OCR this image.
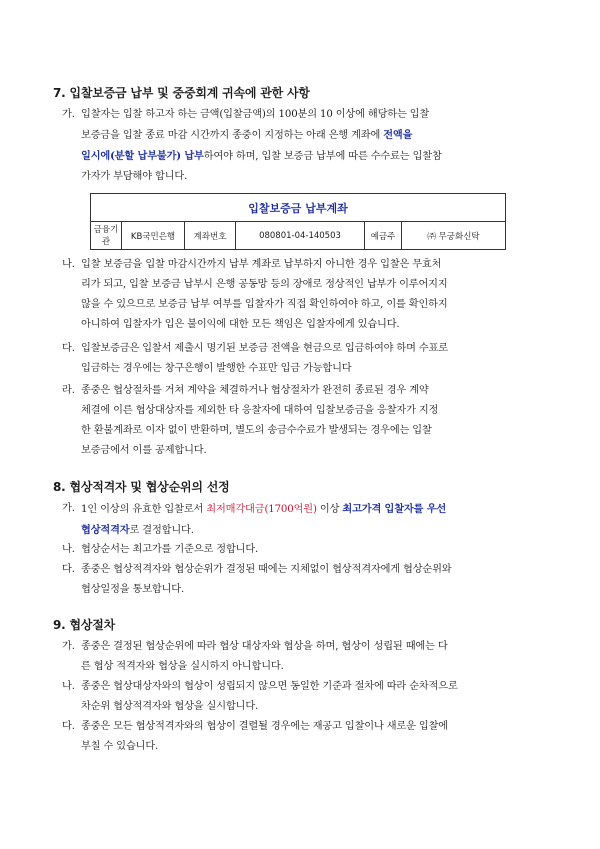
7. 입찰보증금 납부 및 중중회계 귀속에 관한 사항
가. 입찰자는 입찰 하고자 하는 금액(입찰금액)의 100분의 10 이상에 해당하는 입찰
보증금을 입찰 종료 마감 시간까지 종중이 지정하는 아래 은행 계좌에 전액을
일시에(분할 납부불가) 납부하여야 하며, 입찰 보증금 납부에 따른 수수료는 입찰참
가자가 부담해야 합니다.
입찰보증금 납부계좌
금융기관	KB국민은행	계좌번호	080801-04-140503	예금주	㈜ 무궁화신탁
나. 입찰 보증금을 입찰 마감시간까지 납부 계좌로 납부하지 아니한 경우 입찰은 무효처
리가 되고, 입찰 보증금 납부시 은행 공동망 등의 장애로 정상적인 납부가 이루어지지
않을 수 있으므로 보증금 납부 여부를 입찰자가 직접 확인하여야 하고, 이를 확인하지
아니하여 입찰자가 입은 불이익에 대한 모든 책임은 입찰자에게 있습니다.
다. 입찰보증금은 입찰서 제출시 명기된 보증금 전액을 현금으로 입금하여야 하며 수표로
입금하는 경우에는 창구은행이 발행한 수표만 입금 가능합니다
라. 종중은 협상절차를 거쳐 계약을 체결하거나 협상절차가 완전히 종료된 경우 계약
체결에 이른 협상대상자를 제외한 타 응찰자에 대하여 입찰보증금을 응찰자가 지정
한 환불계좌로 이자 없이 반환하며, 별도의 송금수수료가 발생되는 경우에는 입찰
보증금에서 이를 공제합니다.
8. 협상적격자 및 협상순위의 선정
가. 1인 이상의 유효한 입찰로서 최저매각대금(1700억원) 이상 최고가격 입찰자를 우선
협상적격자로 결정합니다.
나. 협상순서는 최고가를 기준으로 정합니다.
다. 종중은 협상적격자와 협상순위가 결정된 때에는 지체없이 협상적격자에게 협상순위와
협상일정을 통보합니다.
9. 협상절차
가. 종중은 결정된 협상순위에 따라 협상 대상자와 협상을 하며, 협상이 성립된 때에는 다
른 협상 적격자와 협상을 실시하지 아니합니다.
나. 종중은 협상대상자와의 협상이 성립되지 않으면 동일한 기준과 절차에 따라 순차적으로
차순위 협상적격자와 협상을 실시합니다.
다. 종중은 모든 협상적격자와의 협상이 결렬될 경우에는 재공고 입찰이나 새로운 입찰에
부칠 수 있습니다.
